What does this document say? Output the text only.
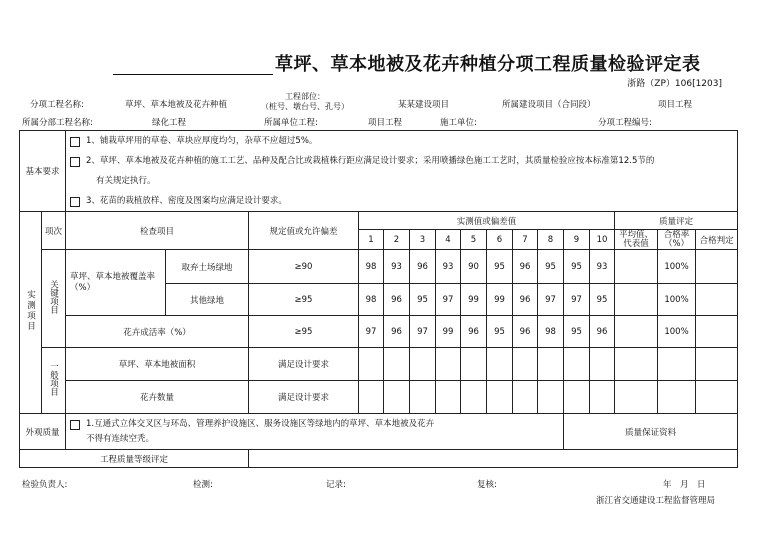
草坪、草本地被及花卉种植分项工程质量检验评定表
浙路（ZP）106[1203]
分项工程名称:	草坪、草本地被及花卉种植
工程部位：
（桩号、墩台号、孔号）	某某建设项目	所属建设项目（合同段）	项目工程
所属分部工程名称:	绿化工程	所属单位工程:	项目工程	施工单位:	分项工程编号:
基本要求		1、铺栽草坪用的草卷、草块应厚度均匀，杂草不应超过5%。
2、草坪、草本地被及花卉种植的施工工艺、品种及配合比或栽植株行距应满足设计要求；采用喷播绿色施工工艺时，其质量检验应按本标准第12.5节的
有关规定执行。
3、花苗的栽植放样、密度及图案均应满足设计要求。															

实测项目	项次	检查项目		规定值或允许偏差	实测值或偏差值										质量评定		
					1	2	3	4	5	6	7	8	9	10	平均值、代表值	合格率（%）	合格判定
	关键项目	草坪、草本地被覆盖率（%）	取弃土场绿地	≥90	98	93	96	93	90	95	96	95	95	93		100%	
			其他绿地	≥95	98	96	95	97	99	99	96	97	97	95		100%	
		花卉成活率（%）		≥95	97	96	97	99	96	95	96	98	95	96		100%	
	一般项目	草坪、草本地被面积		满足设计要求													
		花卉数量		满足设计要求													
外观质量		1.互通式立体交叉区与环岛、管理养护设施区、服务设施区等绿地内的草坪、草本地被及花卉
不得有连续空秃。											质量保证资料				
工程质量等级评定																	
检验负责人:	检测:	记录:	复核:	年　月　日
浙江省交通建设工程监督管理局
